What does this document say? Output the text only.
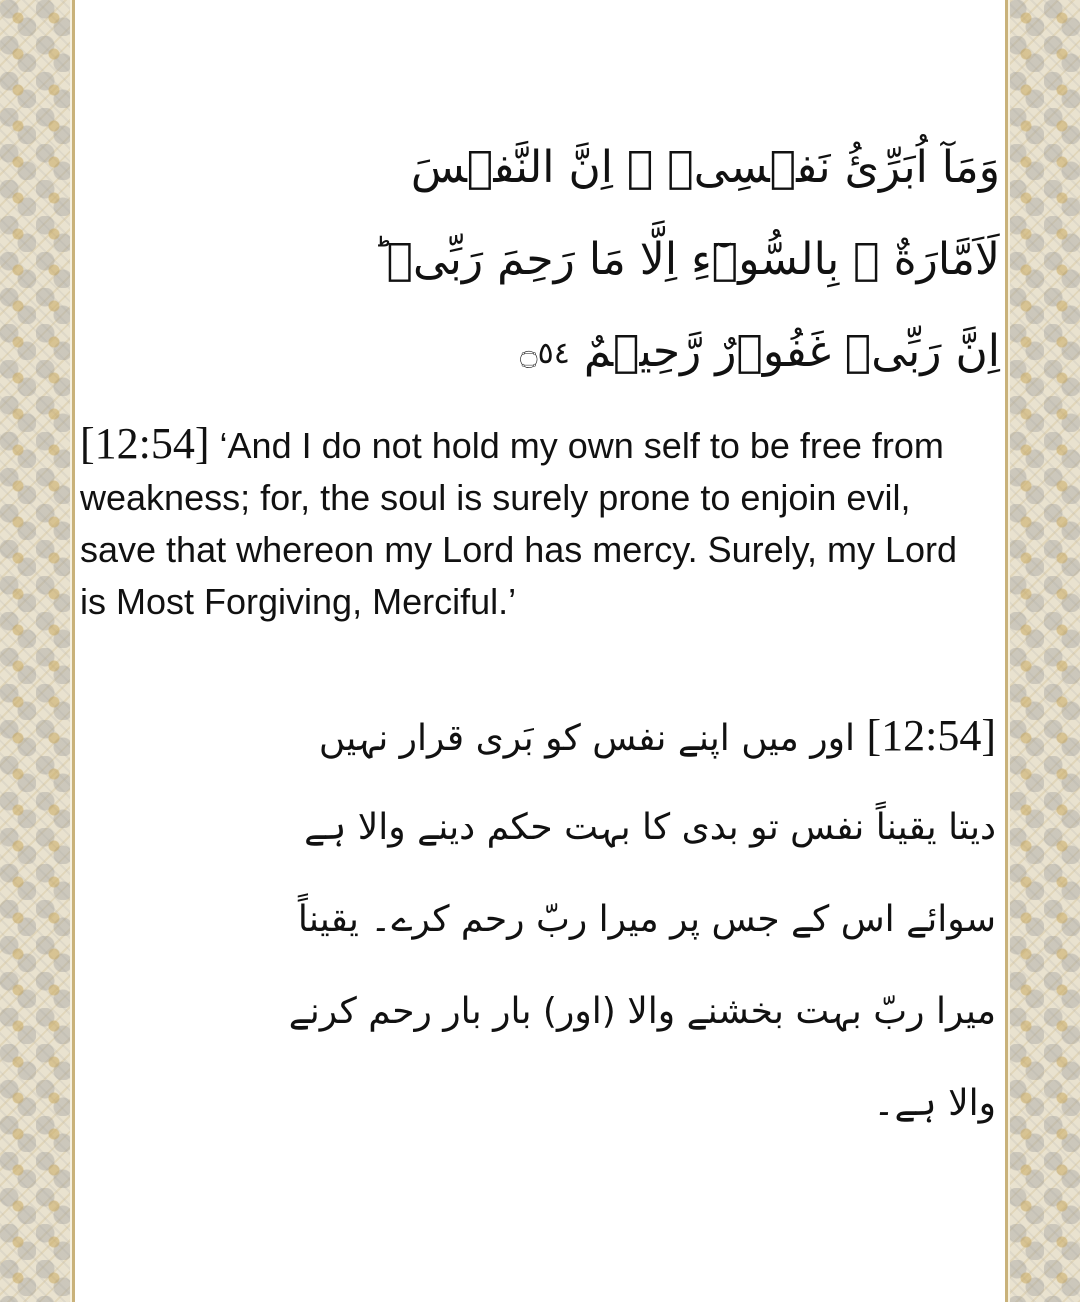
وَمَآ اُبَرِّئُ نَفۡسِىۡ‌ ۚ اِنَّ النَّفۡسَ
لَاَمَّارَةٌ ۢ بِالسُّوۡٓءِ اِلَّا مَا رَحِمَ رَبِّىۡ‌ ؕ
اِنَّ رَبِّىۡ غَفُوۡرٌ رَّحِيۡمٌ ۝٥٤
[12:54] ‘And I do not hold my own self to be free from weakness; for, the soul is surely prone to enjoin evil, save that whereon my Lord has mercy. Surely, my Lord is Most Forgiving, Merciful.’
[12:54] اور میں اپنے نفس کو بَری قرار نہیں
دیتا یقیناً نفس تو بدی کا بہت حکم دینے والا ہے
سوائے اس کے جس پر میرا ربّ رحم کرے۔ یقیناً
میرا ربّ بہت بخشنے والا (اور) بار بار رحم کرنے
والا ہے۔
